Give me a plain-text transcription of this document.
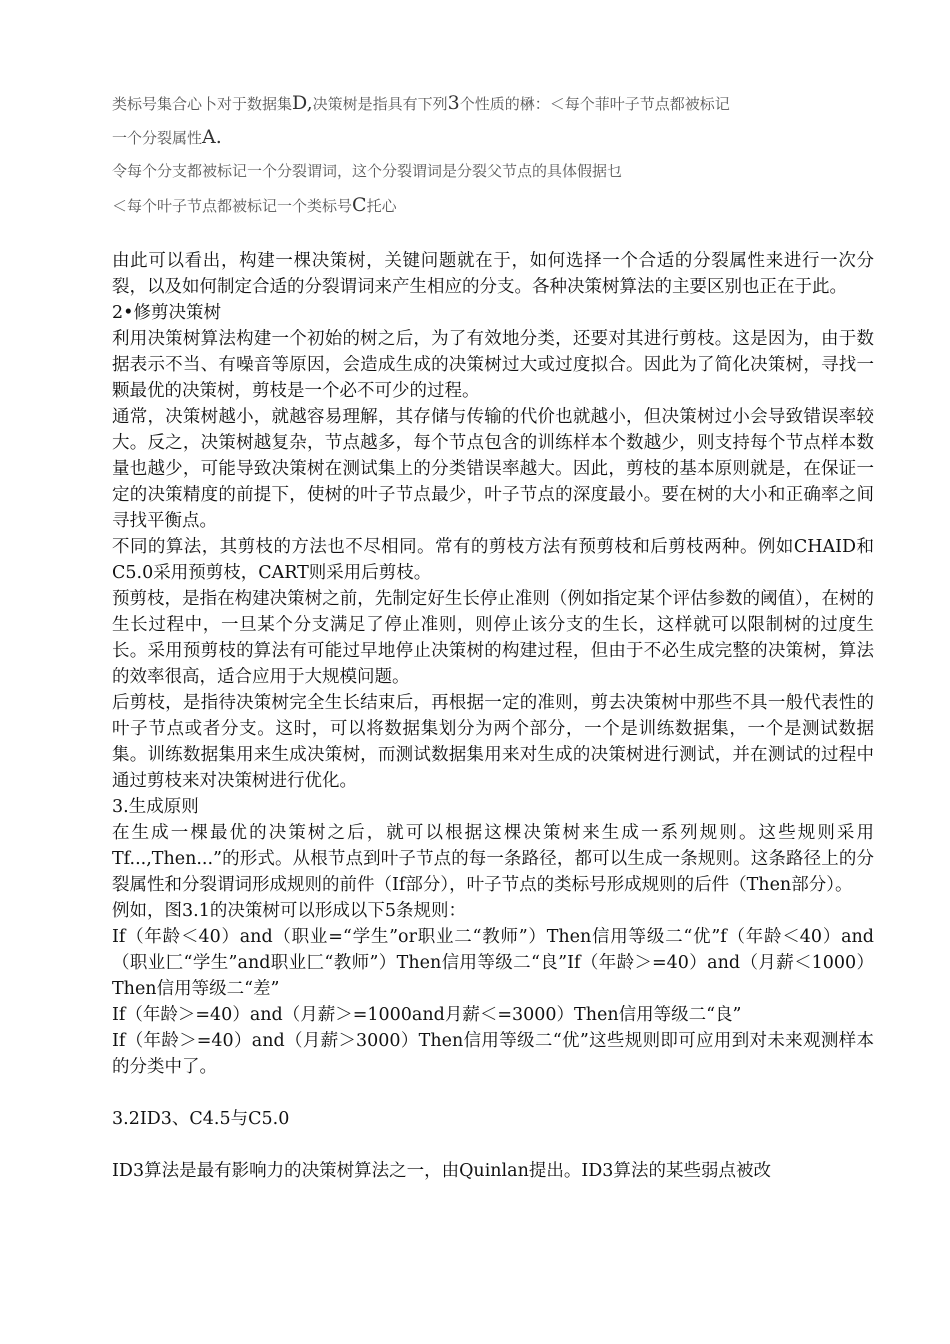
类标号集合心卜对于数据集D,决策树是指具有下列3个性质的楙：＜每个菲叶子节点都被标记
一个分裂属性A.
令每个分支都被标记一个分裂谓词，这个分裂谓词是分裂父节点的具体假据乜
＜每个叶子节点都被标记一个类标号C托心

由此可以看出，构建一棵决策树，关键问题就在于，如何选择一个合适的分裂属性来进行一次分裂，以及如何制定合适的分裂谓词来产生相应的分支。各种决策树算法的主要区别也正在于此。

2•修剪决策树

利用决策树算法构建一个初始的树之后，为了有效地分类，还要对其进行剪枝。这是因为，由于数据表示不当、有噪音等原因，会造成生成的决策树过大或过度拟合。因此为了简化决策树，寻找一颗最优的决策树，剪枝是一个必不可少的过程。

通常，决策树越小，就越容易理解，其存储与传输的代价也就越小，但决策树过小会导致错误率较大。反之，决策树越复杂，节点越多，每个节点包含的训练样本个数越少，则支持每个节点样本数量也越少，可能导致决策树在测试集上的分类错误率越大。因此，剪枝的基本原则就是，在保证一定的决策精度的前提下，使树的叶子节点最少，叶子节点的深度最小。要在树的大小和正确率之间寻找平衡点。

不同的算法，其剪枝的方法也不尽相同。常有的剪枝方法有预剪枝和后剪枝两种。例如CHAID和C5.0采用预剪枝，CART则采用后剪枝。

预剪枝，是指在构建决策树之前，先制定好生长停止准则（例如指定某个评估参数的阈值），在树的生长过程中，一旦某个分支满足了停止准则，则停止该分支的生长，这样就可以限制树的过度生长。采用预剪枝的算法有可能过早地停止决策树的构建过程，但由于不必生成完整的决策树，算法的效率很高，适合应用于大规模问题。

后剪枝，是指待决策树完全生长结束后，再根据一定的准则，剪去决策树中那些不具一般代表性的叶子节点或者分支。这时，可以将数据集划分为两个部分，一个是训练数据集，一个是测试数据集。训练数据集用来生成决策树，而测试数据集用来对生成的决策树进行测试，并在测试的过程中通过剪枝来对决策树进行优化。

3.生成原则

在生成一棵最优的决策树之后，就可以根据这棵决策树来生成一系列规则。这些规则采用Tf...,Then...”的形式。从根节点到叶子节点的每一条路径，都可以生成一条规则。这条路径上的分裂属性和分裂谓词形成规则的前件（If部分），叶子节点的类标号形成规则的后件（Then部分）。

例如，图3.1的决策树可以形成以下5条规则：

If（年龄＜40）and（职业=“学生”or职业二“教师”）Then信用等级二“优”f（年龄＜40）and（职业匚“学生”and职业匚“教师”）Then信用等级二“良”If（年龄＞=40）and（月薪＜1000）Then信用等级二“差”

If（年龄＞=40）and（月薪＞=1000and月薪＜=3000）Then信用等级二“良”

If（年龄＞=40）and（月薪＞3000）Then信用等级二“优”这些规则即可应用到对未来观测样本的分类中了。

3.2ID3、C4.5与C5.0

ID3算法是最有影响力的决策树算法之一，由Quinlan提出。ID3算法的某些弱点被改
